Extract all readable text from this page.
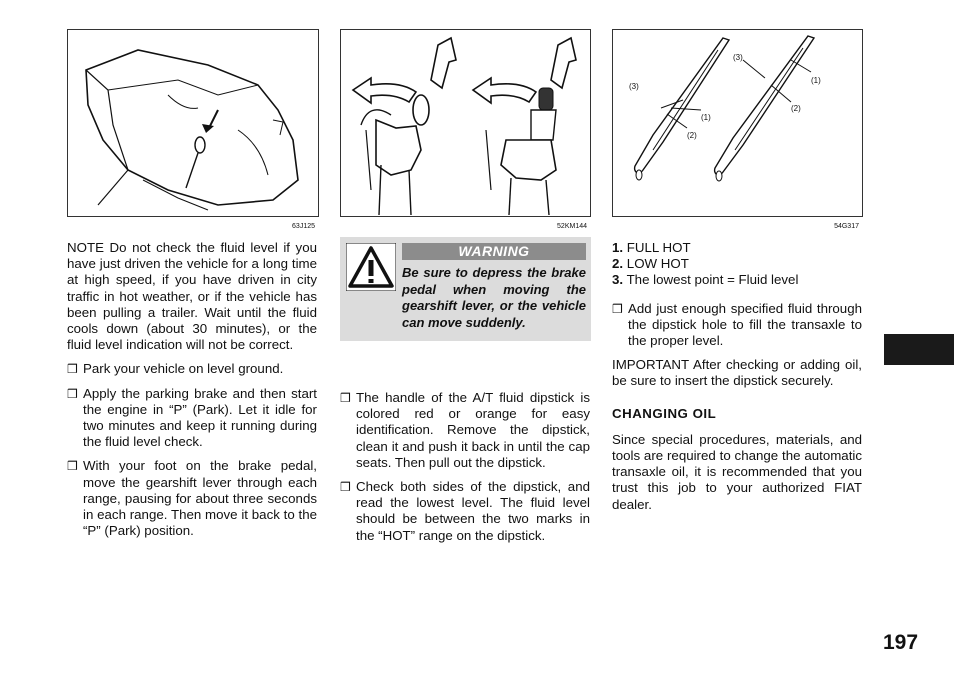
63J125	52KM144
(3)
(1)
(2)
(3)
(1)
(2)
54G317

NOTE Do not check the fluid level if you have just driven the vehicle for a long time at high speed, if you have driven in city traffic in hot weather, or if the vehicle has been pulling a trailer. Wait until the fluid cools down (about 30 minutes), or the fluid level indication will not be correct.

❒ Park your vehicle on level ground.
❒ Apply the parking brake and then start the engine in “P” (Park). Let it idle for two minutes and keep it running during the fluid level check.
❒ With your foot on the brake pedal, move the gearshift lever through each range, pausing for about three seconds in each range. Then move it back to the “P” (Park) position.
WARNING
Be sure to depress the brake pedal when moving the gearshift lever, or the vehicle can move suddenly.
❒ The handle of the A/T fluid dipstick is colored red or orange for easy identification. Remove the dipstick, clean it and push it back in until the cap seats. Then pull out the dipstick.
❒ Check both sides of the dipstick, and read the lowest level. The fluid level should be between the two marks in the “HOT” range on the dipstick.
1. FULL HOT
2. LOW HOT
3. The lowest point = Fluid level
❒ Add just enough specified fluid through the dipstick hole to fill the transaxle to the proper level.

IMPORTANT After checking or adding oil, be sure to insert the dipstick securely.

CHANGING OIL

Since special procedures, materials, and tools are required to change the automatic transaxle oil, it is recommended that you trust this job to your authorized FIAT dealer.

197
